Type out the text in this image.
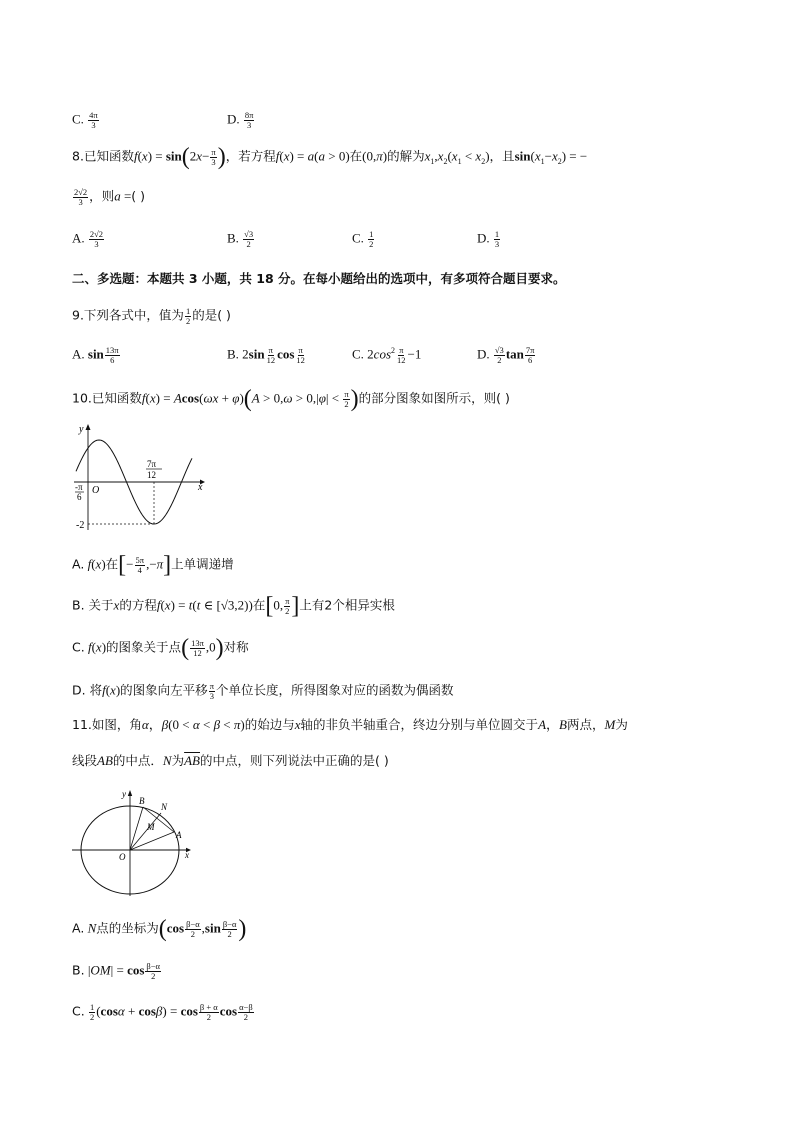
C. $\frac{4\pi}{3}$	D. $\frac{8\pi}{3}$
8.已知函数$f(x) = \sin(2x- \frac{\pi}{3}$ )，若方程f(x) = a(a > 0)在(0,π)的解为$x_1,x_2(x_1 < x_2)$，且$\sin(x_1-x_2)$ = −
$\frac{2√2}{3}$ ，则a =( )
A. $\frac{2√2}{3}$	B. $\frac{√3}{2}$	C. $\frac{1}{2}$	D. $\frac{1}{3}$
二、多选题：本题共 3 小题，共 18 分。在每小题给出的选项中，有多项符合题目要求。
9.下列各式中，值为 $\frac{1}{2}$ 的是( )
A. $\sin \frac{13\pi}{6}$	B. $2\sin \frac{\pi}{12}$ $\cos \frac{\pi}{12}$	C. $2\cos^2 \frac{\pi}{12} -1$	D. $\frac{√3}{2}$ $\tan \frac{7\pi}{6}$
10.已知函数$f(x) = Acos(\omega x + \varphi)(A > 0,\omega > 0,|\varphi| < \frac{\pi}{2}$ )的部分图象如图所示，则( )
y
x
O
-π
6
7π
12
-2
A. f(x)在[− $\frac{5\pi}{4} ,-\pi$]上单调递增
B. 关于x的方程f(x) = t(t ∈ [√3,2))在[0, $\frac{\pi}{2}$ ]上有2个相异实根
C. f(x)的图象关于点( $\frac{13\pi}{12} ,0$)对称
D. 将f(x)的图象向左平移 $\frac{\pi}{3}$ 个单位长度，所得图象对应的函数为偶函数
11.如图，角α，β(0 < α < β < π)的始边与x轴的非负半轴重合，终边分别与单位圆交于A，B两点，M为
线段AB的中点．N为$\overline{AB}$的中点，则下列说法中正确的是( )
y
x
O
A
B
N
M
A. N点的坐标为($\cos \frac{\beta-\alpha}{2} ,\sin \frac{\beta-\alpha}{2}$ )
B. $|OM| = \cos \frac{\beta-\alpha}{2}$
C. $\frac{1}{2} (\cos\alpha + \cos\beta) = \cos \frac{\beta + \alpha}{2}$ $\cos \frac{\alpha-\beta}{2}$
